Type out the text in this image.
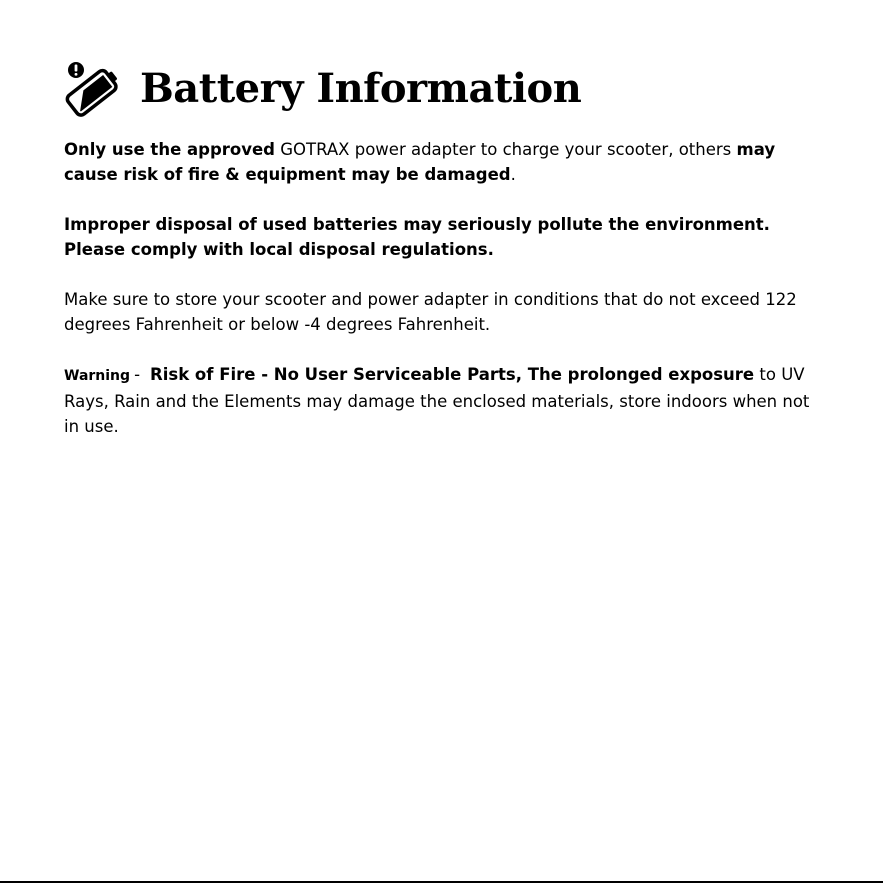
Battery Information

Only use the approved GOTRAX power adapter to charge your scooter, others may cause risk of fire & equipment may be damaged.

Improper disposal of used batteries may seriously pollute the environment. Please comply with local disposal regulations.

Make sure to store your scooter and power adapter in conditions that do not exceed 122 degrees Fahrenheit or below -4 degrees Fahrenheit.

Warning - Risk of Fire - No User Serviceable Parts, The prolonged exposure to UV Rays, Rain and the Elements may damage the enclosed materials, store indoors when not in use.
